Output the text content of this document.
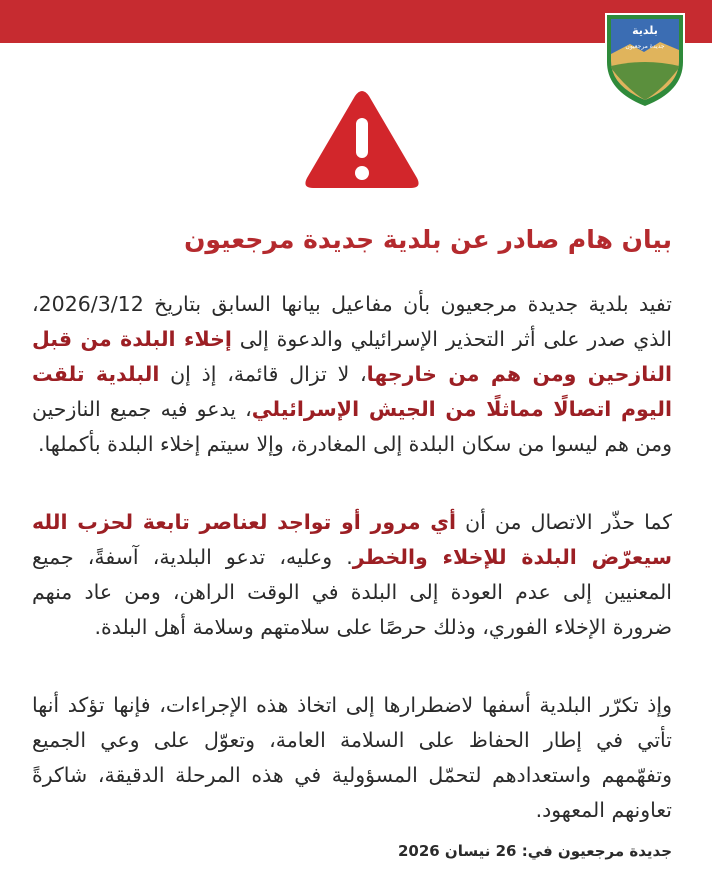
بلدية
جديدة مرجعيون
بيان هام صادر عن بلدية جديدة مرجعيون

تفيد بلدية جديدة مرجعيون بأن مفاعيل بيانها السابق بتاريخ 2026/3/12، الذي صدر على أثر التحذير الإسرائيلي والدعوة إلى إخلاء البلدة من قبل النازحين ومن هم من خارجها، لا تزال قائمة، إذ إن البلدية تلقت اليوم اتصالًا مماثلًا من الجيش الإسرائيلي، يدعو فيه جميع النازحين ومن هم ليسوا من سكان البلدة إلى المغادرة، وإلا سيتم إخلاء البلدة بأكملها.

كما حذّر الاتصال من أن أي مرور أو تواجد لعناصر تابعة لحزب الله سيعرّض البلدة للإخلاء والخطر. وعليه، تدعو البلدية، آسفةً، جميع المعنيين إلى عدم العودة إلى البلدة في الوقت الراهن، ومن عاد منهم ضرورة الإخلاء الفوري، وذلك حرصًا على سلامتهم وسلامة أهل البلدة.

وإذ تكرّر البلدية أسفها لاضطرارها إلى اتخاذ هذه الإجراءات، فإنها تؤكد أنها تأتي في إطار الحفاظ على السلامة العامة، وتعوّل على وعي الجميع وتفهّمهم واستعدادهم لتحمّل المسؤولية في هذه المرحلة الدقيقة، شاكرةً تعاونهم المعهود.

جديدة مرجعيون في: 26 نيسان 2026
